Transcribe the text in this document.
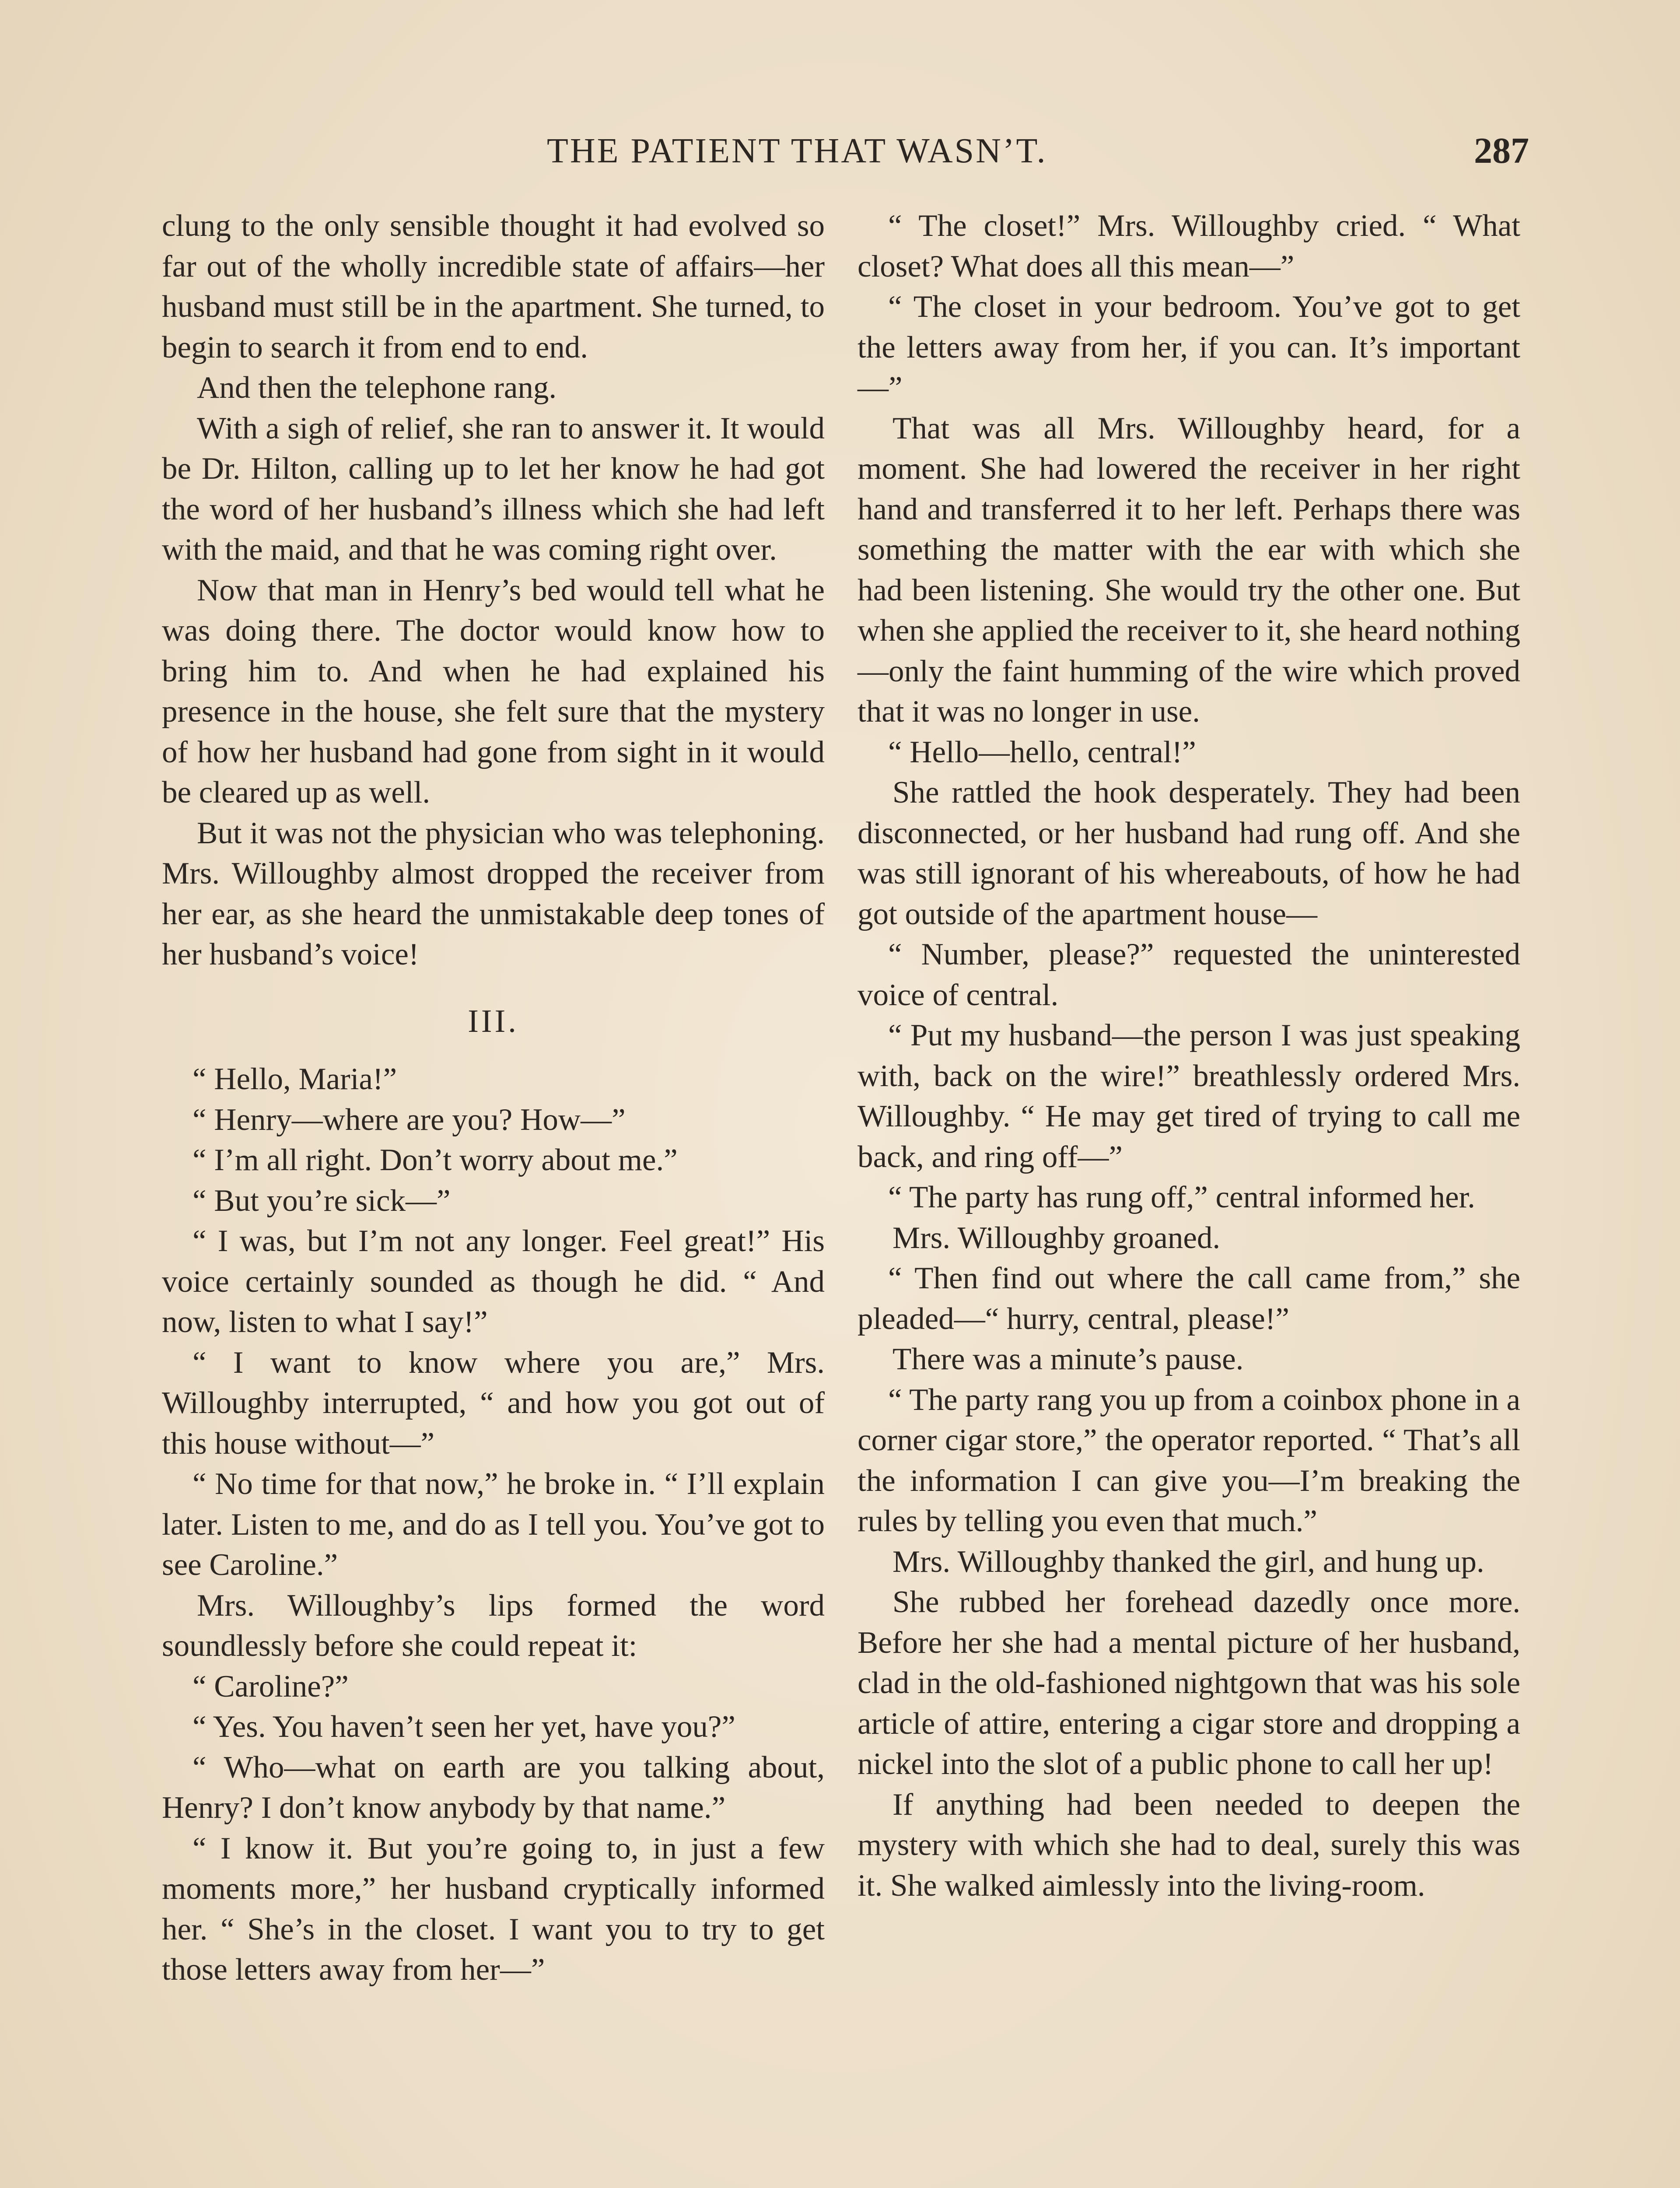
THE PATIENT THAT WASN’T.	287

clung to the only sensible thought it had evolved so far out of the wholly incredible state of affairs—her husband must still be in the apartment. She turned, to begin to search it from end to end.

And then the telephone rang.

With a sigh of relief, she ran to answer it. It would be Dr. Hilton, calling up to let her know he had got the word of her husband’s illness which she had left with the maid, and that he was coming right over.

Now that man in Henry’s bed would tell what he was doing there. The doctor would know how to bring him to. And when he had explained his presence in the house, she felt sure that the mystery of how her husband had gone from sight in it would be cleared up as well.

But it was not the physician who was telephoning. Mrs. Willoughby almost dropped the receiver from her ear, as she heard the unmistakable deep tones of her husband’s voice!

III.

“ Hello, Maria!”

“ Henry—where are you? How—”

“ I’m all right. Don’t worry about me.”

“ But you’re sick—”

“ I was, but I’m not any longer. Feel great!” His voice certainly sounded as though he did. “ And now, listen to what I say!”

“ I want to know where you are,” Mrs. Willoughby interrupted, “ and how you got out of this house without—”

“ No time for that now,” he broke in. “ I’ll explain later. Listen to me, and do as I tell you. You’ve got to see Caroline.”

Mrs. Willoughby’s lips formed the word soundlessly before she could repeat it:

“ Caroline?”

“ Yes. You haven’t seen her yet, have you?”

“ Who—what on earth are you talking about, Henry? I don’t know anybody by that name.”

“ I know it. But you’re going to, in just a few moments more,” her husband cryptically informed her. “ She’s in the closet. I want you to try to get those letters away from her—”

“ The closet!” Mrs. Willoughby cried. “ What closet? What does all this mean—”

“ The closet in your bedroom. You’ve got to get the letters away from her, if you can. It’s important—”

That was all Mrs. Willoughby heard, for a moment. She had lowered the receiver in her right hand and transferred it to her left. Perhaps there was something the matter with the ear with which she had been listening. She would try the other one. But when she applied the receiver to it, she heard nothing—only the faint humming of the wire which proved that it was no longer in use.

“ Hello—hello, central!”

She rattled the hook desperately. They had been disconnected, or her husband had rung off. And she was still ignorant of his whereabouts, of how he had got outside of the apartment house—

“ Number, please?” requested the uninterested voice of central.

“ Put my husband—the person I was just speaking with, back on the wire!” breathlessly ordered Mrs. Willoughby. “ He may get tired of trying to call me back, and ring off—”

“ The party has rung off,” central informed her.

Mrs. Willoughby groaned.

“ Then find out where the call came from,” she pleaded—“ hurry, central, please!”

There was a minute’s pause.

“ The party rang you up from a coinbox phone in a corner cigar store,” the operator reported. “ That’s all the information I can give you—I’m breaking the rules by telling you even that much.”

Mrs. Willoughby thanked the girl, and hung up.

She rubbed her forehead dazedly once more. Before her she had a mental picture of her husband, clad in the old-fashioned nightgown that was his sole article of attire, entering a cigar store and dropping a nickel into the slot of a public phone to call her up!

If anything had been needed to deepen the mystery with which she had to deal, surely this was it. She walked aimlessly into the living-room.
